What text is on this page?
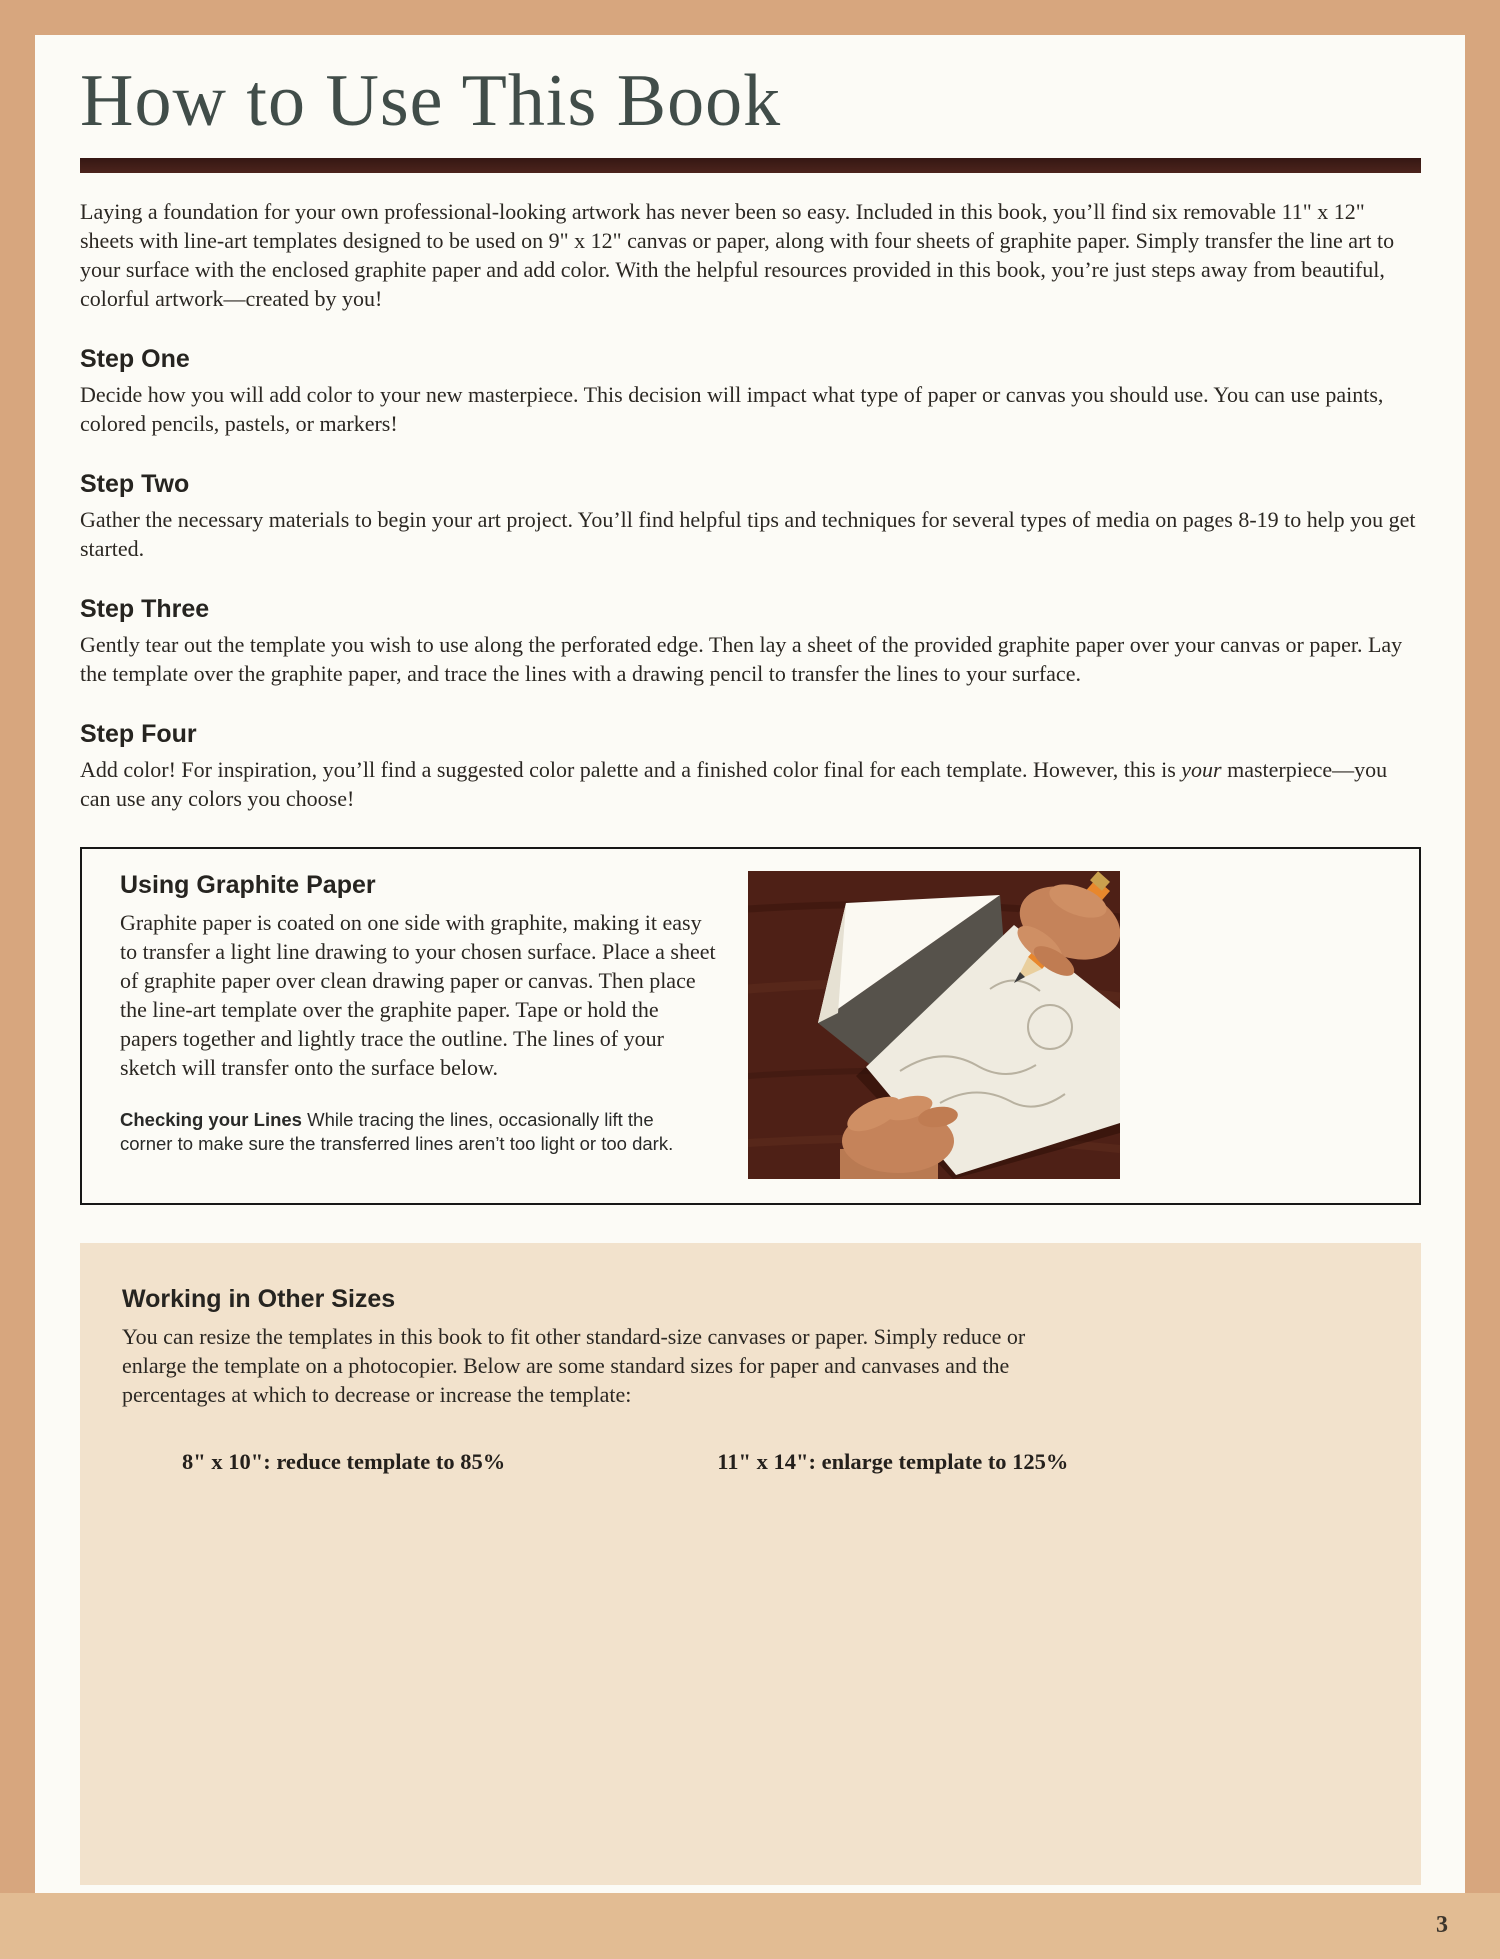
How to Use This Book

Laying a foundation for your own professional-looking artwork has never been so easy. Included in this book, you’ll find six removable 11" x 12" sheets with line-art templates designed to be used on 9" x 12" canvas or paper, along with four sheets of graphite paper. Simply transfer the line art to your surface with the enclosed graphite paper and add color. With the helpful resources provided in this book, you’re just steps away from beautiful, colorful artwork—created by you!

Step One

Decide how you will add color to your new masterpiece. This decision will impact what type of paper or canvas you should use. You can use paints, colored pencils, pastels, or markers!

Step Two

Gather the necessary materials to begin your art project. You’ll find helpful tips and techniques for several types of media on pages 8-19 to help you get started.

Step Three

Gently tear out the template you wish to use along the perforated edge. Then lay a sheet of the provided graphite paper over your canvas or paper. Lay the template over the graphite paper, and trace the lines with a drawing pencil to transfer the lines to your surface.

Step Four

Add color! For inspiration, you’ll find a suggested color palette and a finished color final for each template. However, this is your masterpiece—you can use any colors you choose!

Using Graphite Paper

Graphite paper is coated on one side with graphite, making it easy to transfer a light line drawing to your chosen surface. Place a sheet of graphite paper over clean drawing paper or canvas. Then place the line-art template over the graphite paper. Tape or hold the papers together and lightly trace the outline. The lines of your sketch will transfer onto the surface below.

Checking your Lines While tracing the lines, occasionally lift the corner to make sure the transferred lines aren’t too light or too dark.

Working in Other Sizes

You can resize the templates in this book to fit other standard-size canvases or paper. Simply reduce or enlarge the template on a photocopier. Below are some standard sizes for paper and canvases and the percentages at which to decrease or increase the template:

8" x 10": reduce template to 85%	11" x 14": enlarge template to 125%
3
